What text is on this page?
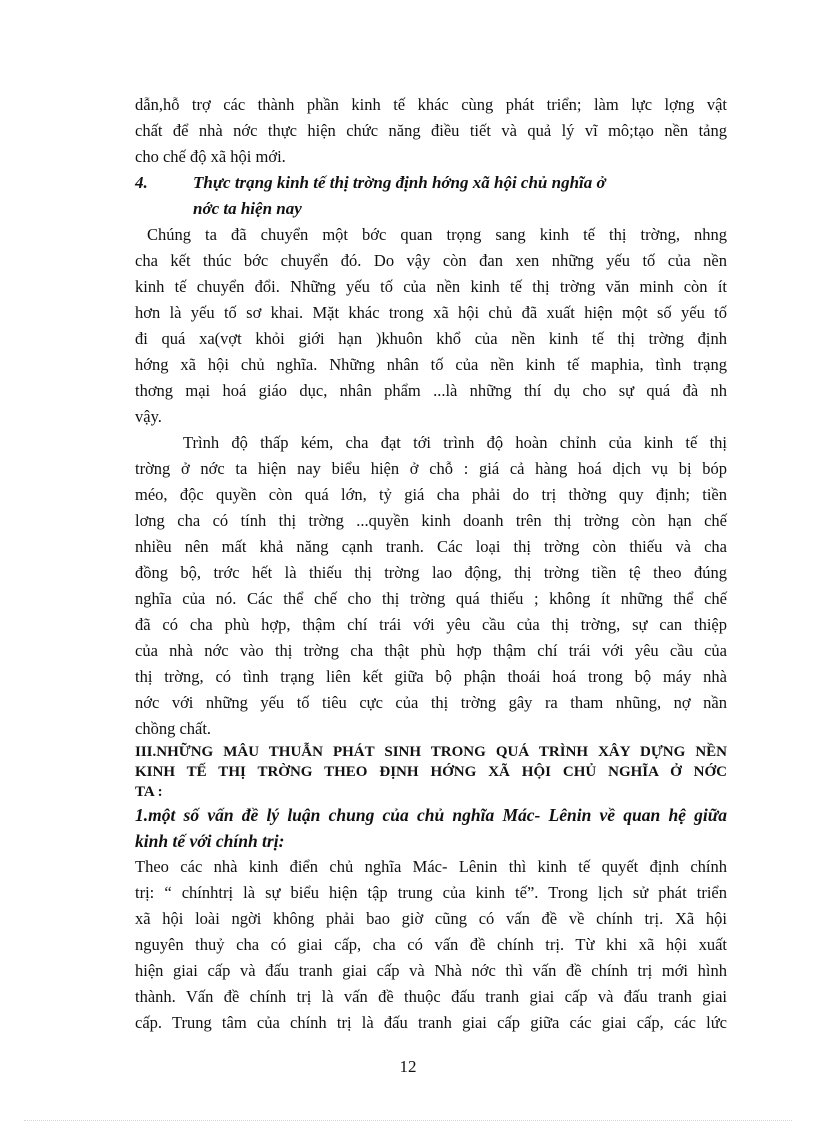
dẫn,hỗ trợ các thành phần kinh tế khác cùng phát triển; làm lực lợng vật
chất để nhà nớc thực hiện chức năng điều tiết và quả lý vĩ mô;tạo nền tảng
cho chế độ xã hội mới.
4.	Thực trạng kinh tế thị trờng định hớng xã hội chủ nghĩa ở
nớc ta hiện nay
Chúng ta đã chuyển một bớc quan trọng sang kinh tế thị trờng, nhng
cha kết thúc bớc chuyển đó. Do vậy còn đan xen những yếu tố của nền
kinh tế chuyển đổi. Những yếu tố của nền kinh tế thị trờng văn minh còn ít
hơn là yếu tố sơ khai. Mặt khác trong xã hội chủ đã xuất hiện một số yếu tố
đi quá xa(vợt khỏi giới hạn )khuôn khổ của nền kinh tế thị trờng định
hớng xã hội chủ nghĩa. Những nhân tố của nền kinh tế maphia, tình trạng
thơng mại hoá giáo dục, nhân phẩm ...là những thí dụ cho sự quá đà nh
vậy.
Trình độ thấp kém, cha đạt tới trình độ hoàn chỉnh của kinh tế thị
trờng ở nớc ta hiện nay biểu hiện ở chỗ : giá cả hàng hoá dịch vụ bị bóp
méo, độc quyền còn quá lớn, tỷ giá cha phải do trị thờng quy định; tiền
lơng cha có tính thị trờng ...quyền kinh doanh trên thị trờng còn hạn chế
nhiều nên mất khả năng cạnh tranh. Các loại thị trờng còn thiếu và cha
đồng bộ, trớc hết là thiếu thị trờng lao động, thị trờng tiền tệ theo đúng
nghĩa của nó. Các thể chế cho thị trờng quá thiếu ; không ít những thể chế
đã có cha phù hợp, thậm chí trái với yêu cầu của thị trờng, sự can thiệp
của nhà nớc vào thị trờng cha thật phù hợp thậm chí trái với yêu cầu của
thị trờng, có tình trạng liên kết giữa bộ phận thoái hoá trong bộ máy nhà
nớc với những yếu tố tiêu cực của thị trờng gây ra tham nhũng, nợ nần
chồng chất.
III.NHỮNG MÂU THUẪN PHÁT SINH TRONG QUÁ TRÌNH XÂY DỰNG NỀN
KINH TẾ THỊ TRỜNG THEO ĐỊNH HỚNG XÃ HỘI CHỦ NGHĨA Ở NỚC
TA :
1.một số vấn đề lý luận chung của chủ nghĩa Mác- Lênin về quan hệ giữa
kinh tế với chính trị:
Theo các nhà kinh điển chủ nghĩa Mác- Lênin thì kinh tế quyết định chính
trị: “ chínhtrị là sự biểu hiện tập trung của kinh tế”. Trong lịch sử phát triển
xã hội loài ngời không phải bao giờ cũng có vấn đề về chính trị. Xã hội
nguyên thuỷ cha có giai cấp, cha có vấn đề chính trị. Từ khi xã hội xuất
hiện giai cấp và đấu tranh giai cấp và Nhà nớc thì vấn đề chính trị mới hình
thành. Vấn đề chính trị là vấn đề thuộc đấu tranh giai cấp và đấu tranh giai
cấp. Trung tâm của chính trị là đấu tranh giai cấp giữa các giai cấp, các lức
12
